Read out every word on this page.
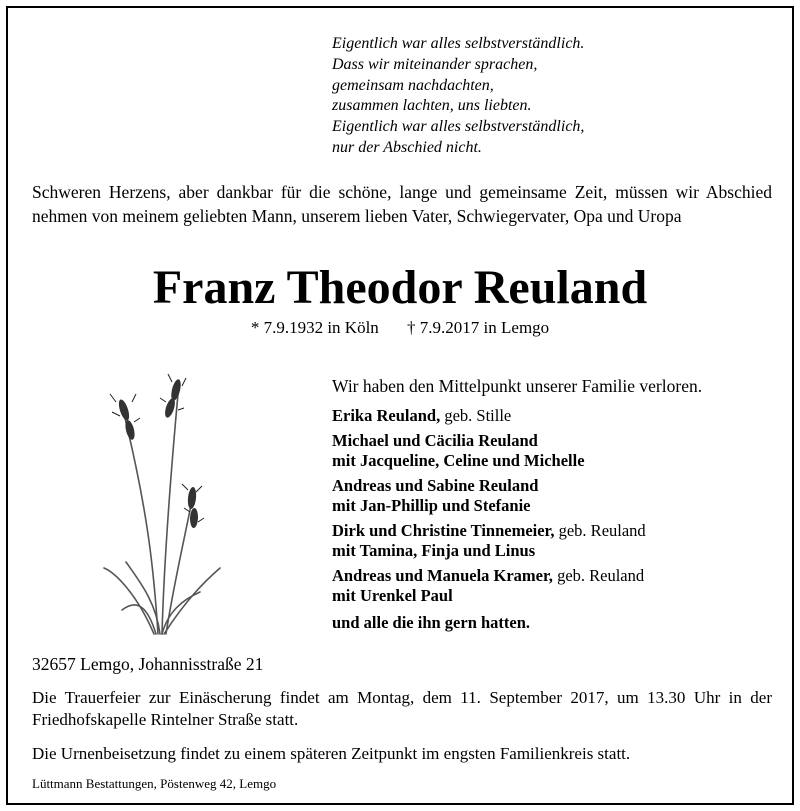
Eigentlich war alles selbstverständlich.
Dass wir miteinander sprachen,
gemeinsam nachdachten,
zusammen lachten, uns liebten.
Eigentlich war alles selbstverständlich,
nur der Abschied nicht.
Schweren Herzens, aber dankbar für die schöne, lange und gemeinsame Zeit, müssen wir Abschied nehmen von meinem geliebten Mann, unserem lieben Vater, Schwiegervater, Opa und Uropa
Franz Theodor Reuland
* 7.9.1932 in Köln † 7.9.2017 in Lemgo
Wir haben den Mittelpunkt unserer Familie verloren.
Erika Reuland, geb. Stille
Michael und Cäcilia Reuland
mit Jacqueline, Celine und Michelle
Andreas und Sabine Reuland
mit Jan-Phillip und Stefanie
Dirk und Christine Tinnemeier, geb. Reuland
mit Tamina, Finja und Linus
Andreas und Manuela Kramer, geb. Reuland
mit Urenkel Paul
und alle die ihn gern hatten.
32657 Lemgo, Johannisstraße 21
Die Trauerfeier zur Einäscherung findet am Montag, dem 11. September 2017, um 13.30 Uhr in der Friedhofskapelle Rintelner Straße statt.
Die Urnenbeisetzung findet zu einem späteren Zeitpunkt im engsten Familienkreis statt.
Lüttmann Bestattungen, Pöstenweg 42, Lemgo
